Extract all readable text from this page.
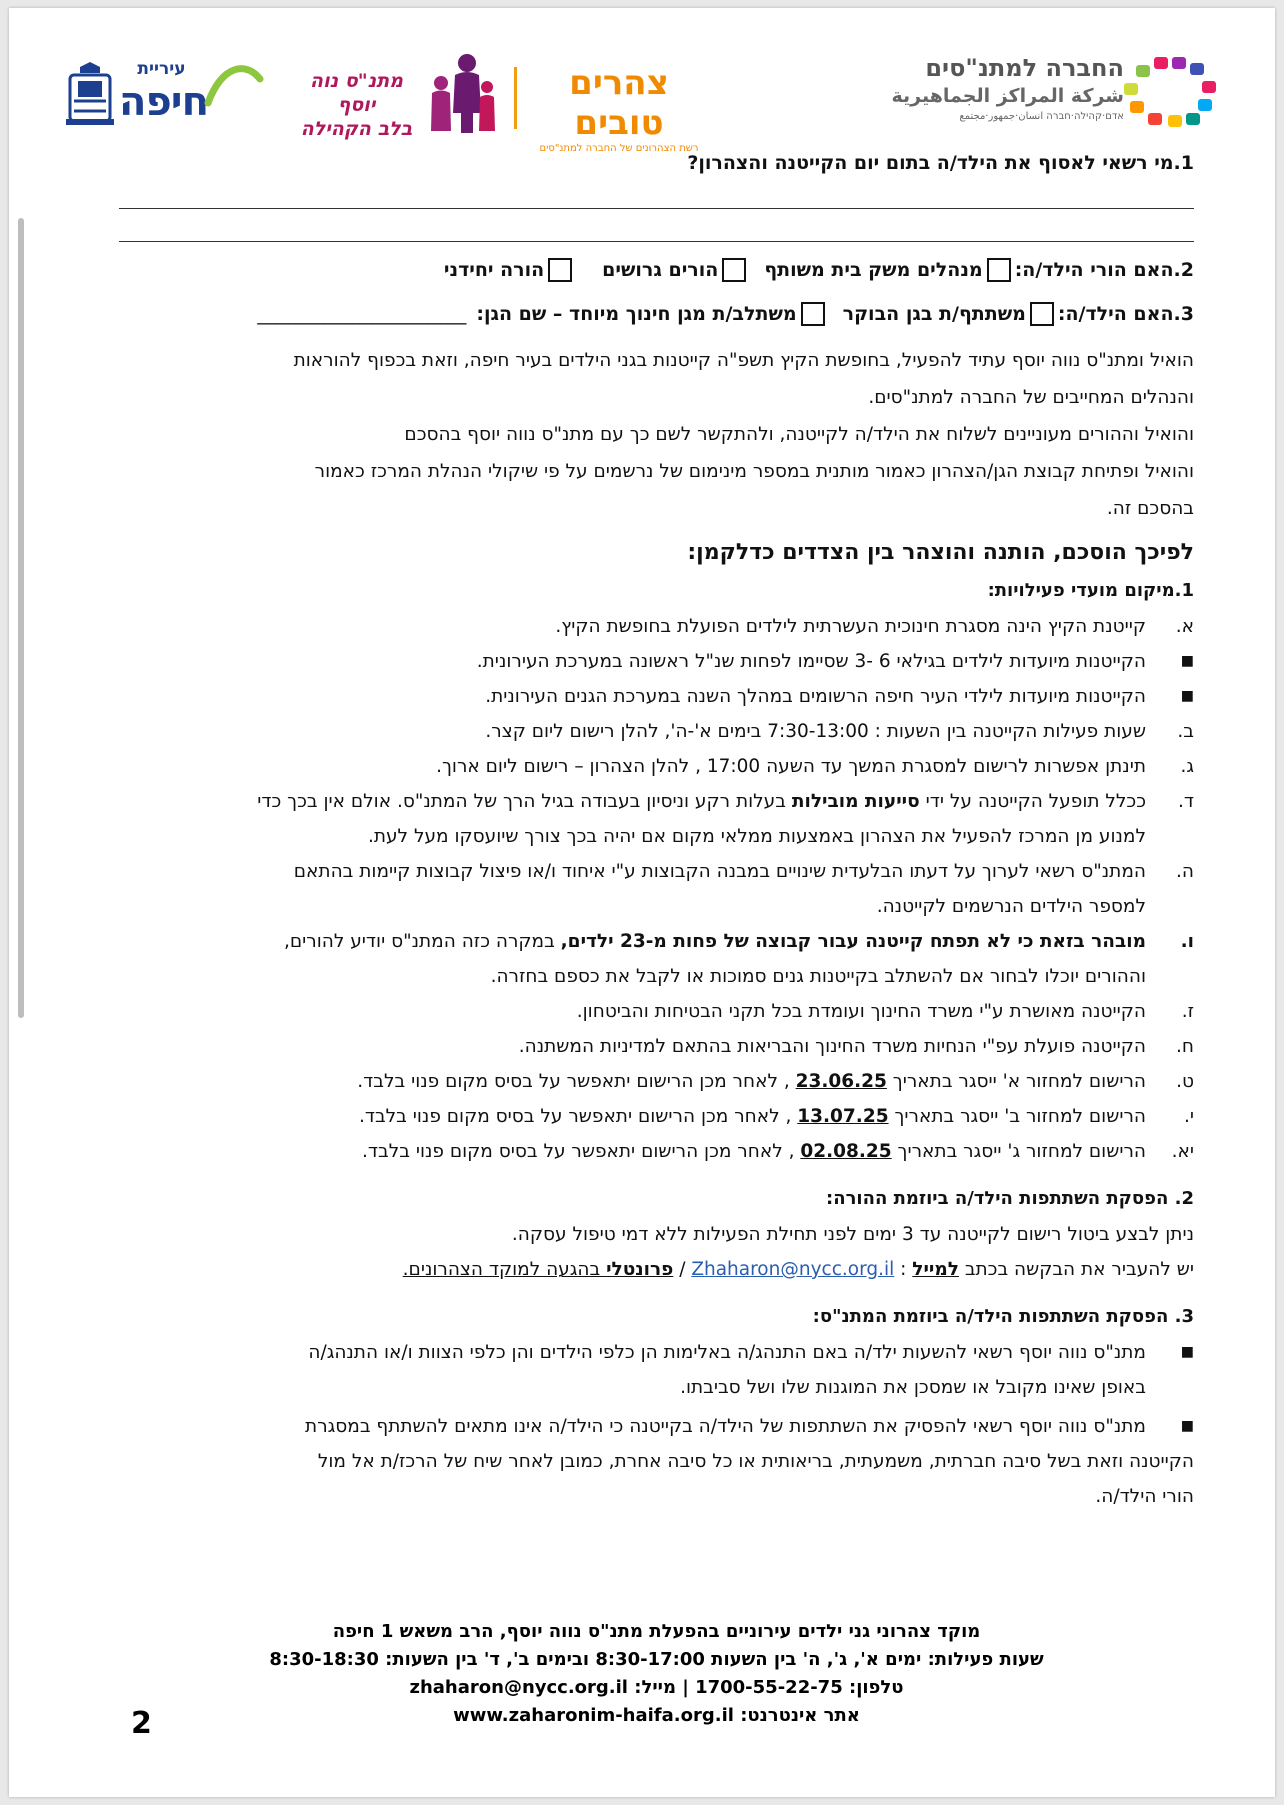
עיריית
חיפה	מתנ"ס נוה יוסף
בלב הקהילה
צהרים טובים
רשת הצהרונים של החברה למתנ"סים
החברה למתנ"סים
شركة المراكز الجماهيرية
אדם·קהילה·חברה انسان·جمهور·مجتمع

1.מי רשאי לאסוף את הילד/ה בתום יום הקייטנה והצהרון?

2.האם הורי הילד/ה:
מנהלים משק בית משותף
הורים גרושים
הורה יחידני
3.האם הילד/ה:
משתתף/ת בגן הבוקר
משתלב/ת מגן חינוך מיוחד – שם הגן:
______________________

הואיל ומתנ"ס נווה יוסף עתיד להפעיל, בחופשת הקיץ תשפ"ה קייטנות בגני הילדים בעיר חיפה, וזאת בכפוף להוראות

והנהלים המחייבים של החברה למתנ"סים.

והואיל וההורים מעוניינים לשלוח את הילד/ה לקייטנה, ולהתקשר לשם כך עם מתנ"ס נווה יוסף בהסכם

והואיל ופתיחת קבוצת הגן/הצהרון כאמור מותנית במספר מינימום של נרשמים על פי שיקולי הנהלת המרכז כאמור

בהסכם זה.

לפיכך הוסכם, הותנה והוצהר בין הצדדים כדלקמן:
1.מיקום מועדי פעילויות:
א.
קייטנת הקיץ הינה מסגרת חינוכית העשרתית לילדים הפועלת בחופשת הקיץ.
■
הקייטנות מיועדות לילדים בגילאי 6 -3 שסיימו לפחות שנ"ל ראשונה במערכת העירונית.
■
הקייטנות מיועדות לילדי העיר חיפה הרשומים במהלך השנה במערכת הגנים העירונית.
ב.
שעות פעילות הקייטנה בין השעות : 7:30-13:00 בימים א'-ה', להלן רישום ליום קצר.
ג.
תינתן אפשרות לרישום למסגרת המשך עד השעה 17:00 , להלן הצהרון – רישום ליום ארוך.
ד.
ככלל תופעל הקייטנה על ידי סייעות מובילות בעלות רקע וניסיון בעבודה בגיל הרך של המתנ"ס. אולם אין בכך כדי
למנוע מן המרכז להפעיל את הצהרון באמצעות ממלאי מקום אם יהיה בכך צורך שיועסקו מעל לעת.
ה.
המתנ"ס רשאי לערוך על דעתו הבלעדית שינויים במבנה הקבוצות ע"י איחוד ו/או פיצול קבוצות קיימות בהתאם
למספר הילדים הנרשמים לקייטנה.
ו.
מובהר בזאת כי לא תפתח קייטנה עבור קבוצה של פחות מ-23 ילדים, במקרה כזה המתנ"ס יודיע להורים,
וההורים יוכלו לבחור אם להשתלב בקייטנות גנים סמוכות או לקבל את כספם בחזרה.
ז.
הקייטנה מאושרת ע"י משרד החינוך ועומדת בכל תקני הבטיחות והביטחון.
ח.
הקייטנה פועלת עפ"י הנחיות משרד החינוך והבריאות בהתאם למדיניות המשתנה.
ט.
הרישום למחזור א' ייסגר בתאריך 23.06.25 , לאחר מכן הרישום יתאפשר על בסיס מקום פנוי בלבד.
י.
הרישום למחזור ב' ייסגר בתאריך 13.07.25 , לאחר מכן הרישום יתאפשר על בסיס מקום פנוי בלבד.
יא.
הרישום למחזור ג' ייסגר בתאריך 02.08.25 , לאחר מכן הרישום יתאפשר על בסיס מקום פנוי בלבד.
2. הפסקת השתתפות הילד/ה ביוזמת ההורה:

ניתן לבצע ביטול רישום לקייטנה עד 3 ימים לפני תחילת הפעילות ללא דמי טיפול עסקה.

יש להעביר את הבקשה בכתב למייל : Zhaharon@nycc.org.il / פרונטלי בהגעה למוקד הצהרונים.

3. הפסקת השתתפות הילד/ה ביוזמת המתנ"ס:
■
מתנ"ס נווה יוסף רשאי להשעות ילד/ה באם התנהג/ה באלימות הן כלפי הילדים והן כלפי הצוות ו/או התנהג/ה
באופן שאינו מקובל או שמסכן את המוגנות שלו ושל סביבתו.
■
מתנ"ס נווה יוסף רשאי להפסיק את השתתפות של הילד/ה בקייטנה כי הילד/ה אינו מתאים להשתתף במסגרת
הקייטנה וזאת בשל סיבה חברתית, משמעתית, בריאותית או כל סיבה אחרת, כמובן לאחר שיח של הרכז/ת אל מול
הורי הילד/ה.
מוקד צהרוני גני ילדים עירוניים בהפעלת מתנ"ס נווה יוסף, הרב משאש 1 חיפה
שעות פעילות: ימים א', ג', ה' בין השעות 8:30-17:00 ובימים ב', ד' בין השעות: 8:30-18:30
טלפון: 1700-55-22-75 | מייל: zhaharon@nycc.org.il
אתר אינטרנט: www.zaharonim-haifa.org.il
2
